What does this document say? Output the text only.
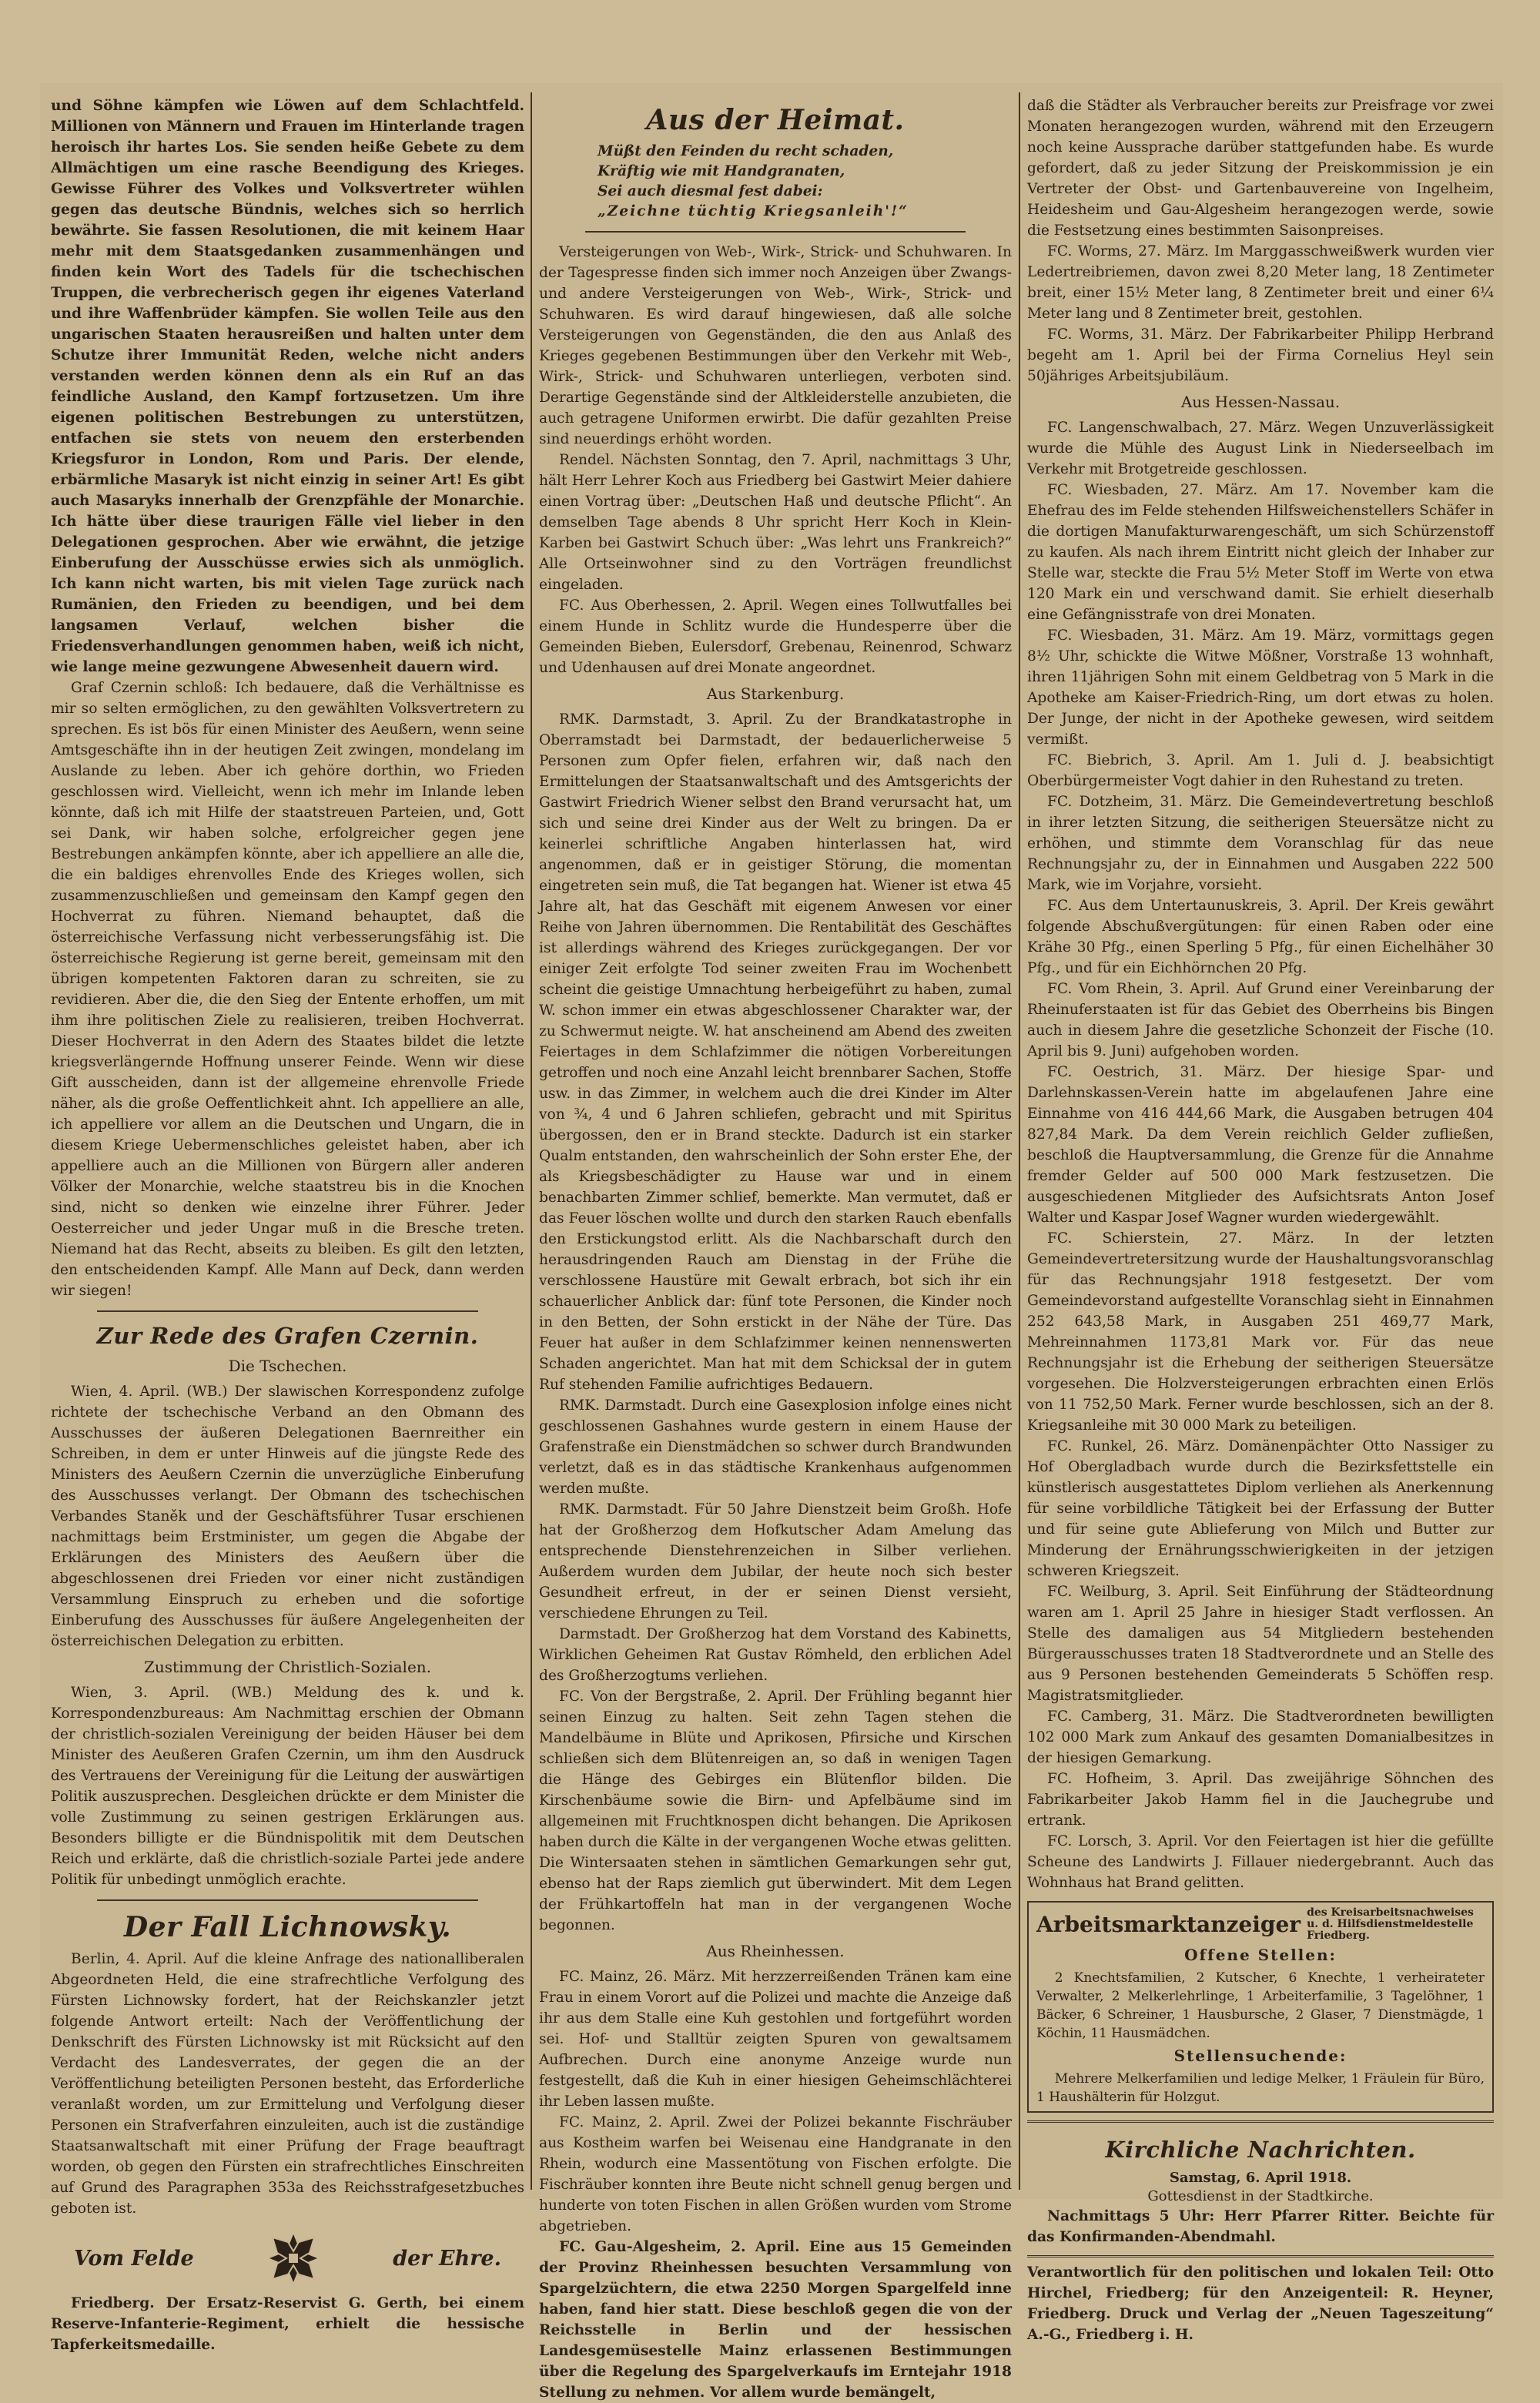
und Söhne kämpfen wie Löwen auf dem Schlachtfeld. Millionen von Männern und Frauen im Hinterlande tragen heroisch ihr hartes Los. Sie senden heiße Gebete zu dem Allmächtigen um eine rasche Beendigung des Krieges. Gewisse Führer des Volkes und Volksvertreter wühlen gegen das deutsche Bündnis, welches sich so herrlich bewährte. Sie fassen Resolutionen, die mit keinem Haar mehr mit dem Staatsgedanken zusammenhängen und finden kein Wort des Tadels für die tschechischen Truppen, die verbrecherisch gegen ihr eigenes Vaterland und ihre Waffenbrüder kämpfen. Sie wollen Teile aus den ungarischen Staaten herausreißen und halten unter dem Schutze ihrer Immunität Reden, welche nicht anders verstanden werden können denn als ein Ruf an das feindliche Ausland, den Kampf fortzusetzen. Um ihre eigenen politischen Bestrebungen zu unterstützen, entfachen sie stets von neuem den ersterbenden Kriegsfuror in London, Rom und Paris. Der elende, erbärmliche Masaryk ist nicht einzig in seiner Art! Es gibt auch Masaryks innerhalb der Grenzpfähle der Monarchie. Ich hätte über diese traurigen Fälle viel lieber in den Delegationen gesprochen. Aber wie erwähnt, die jetzige Einberufung der Ausschüsse erwies sich als unmöglich. Ich kann nicht warten, bis mit vielen Tage zurück nach Rumänien, den Frieden zu beendigen, und bei dem langsamen Verlauf, welchen bisher die Friedensverhandlungen genommen haben, weiß ich nicht, wie lange meine gezwungene Abwesenheit dauern wird.

Graf Czernin schloß: Ich bedauere, daß die Verhältnisse es mir so selten ermöglichen, zu den gewählten Volksvertretern zu sprechen. Es ist bös für einen Minister des Aeußern, wenn seine Amtsgeschäfte ihn in der heutigen Zeit zwingen, mondelang im Auslande zu leben. Aber ich gehöre dorthin, wo Frieden geschlossen wird. Vielleicht, wenn ich mehr im Inlande leben könnte, daß ich mit Hilfe der staatstreuen Parteien, und, Gott sei Dank, wir haben solche, erfolgreicher gegen jene Bestrebungen ankämpfen könnte, aber ich appelliere an alle die, die ein baldiges ehrenvolles Ende des Krieges wollen, sich zusammenzuschließen und gemeinsam den Kampf gegen den Hochverrat zu führen. Niemand behauptet, daß die österreichische Verfassung nicht verbesserungsfähig ist. Die österreichische Regierung ist gerne bereit, gemeinsam mit den übrigen kompetenten Faktoren daran zu schreiten, sie zu revidieren. Aber die, die den Sieg der Entente erhoffen, um mit ihm ihre politischen Ziele zu realisieren, treiben Hochverrat. Dieser Hochverrat in den Adern des Staates bildet die letzte kriegsverlängernde Hoffnung unserer Feinde. Wenn wir diese Gift ausscheiden, dann ist der allgemeine ehrenvolle Friede näher, als die große Oeffentlichkeit ahnt. Ich appelliere an alle, ich appelliere vor allem an die Deutschen und Ungarn, die in diesem Kriege Uebermenschliches geleistet haben, aber ich appelliere auch an die Millionen von Bürgern aller anderen Völker der Monarchie, welche staatstreu bis in die Knochen sind, nicht so denken wie einzelne ihrer Führer. Jeder Oesterreicher und jeder Ungar muß in die Bresche treten. Niemand hat das Recht, abseits zu bleiben. Es gilt den letzten, den entscheidenden Kampf. Alle Mann auf Deck, dann werden wir siegen!

Zur Rede des Grafen Czernin.
Die Tschechen.

Wien, 4. April. (WB.) Der slawischen Korrespondenz zufolge richtete der tschechische Verband an den Obmann des Ausschusses der äußeren Delegationen Baernreither ein Schreiben, in dem er unter Hinweis auf die jüngste Rede des Ministers des Aeußern Czernin die unverzügliche Einberufung des Ausschusses verlangt. Der Obmann des tschechischen Verbandes Staněk und der Geschäftsführer Tusar erschienen nachmittags beim Erstminister, um gegen die Abgabe der Erklärungen des Ministers des Aeußern über die abgeschlossenen drei Frieden vor einer nicht zuständigen Versammlung Einspruch zu erheben und die sofortige Einberufung des Ausschusses für äußere Angelegenheiten der österreichischen Delegation zu erbitten.

Zustimmung der Christlich-Sozialen.

Wien, 3. April. (WB.) Meldung des k. und k. Korrespondenzbureaus: Am Nachmittag erschien der Obmann der christlich-sozialen Vereinigung der beiden Häuser bei dem Minister des Aeußeren Grafen Czernin, um ihm den Ausdruck des Vertrauens der Vereinigung für die Leitung der auswärtigen Politik auszusprechen. Desgleichen drückte er dem Minister die volle Zustimmung zu seinen gestrigen Erklärungen aus. Besonders billigte er die Bündnispolitik mit dem Deutschen Reich und erklärte, daß die christlich-soziale Partei jede andere Politik für unbedingt unmöglich erachte.

Der Fall Lichnowsky.

Berlin, 4. April. Auf die kleine Anfrage des nationalliberalen Abgeordneten Held, die eine strafrechtliche Verfolgung des Fürsten Lichnowsky fordert, hat der Reichskanzler jetzt folgende Antwort erteilt: Nach der Veröffentlichung der Denkschrift des Fürsten Lichnowsky ist mit Rücksicht auf den Verdacht des Landesverrates, der gegen die an der Veröffentlichung beteiligten Personen besteht, das Erforderliche veranlaßt worden, um zur Ermittelung und Verfolgung dieser Personen ein Strafverfahren einzuleiten, auch ist die zuständige Staatsanwaltschaft mit einer Prüfung der Frage beauftragt worden, ob gegen den Fürsten ein strafrechtliches Einschreiten auf Grund des Paragraphen 353a des Reichsstrafgesetzbuches geboten ist.

Vom Felde	der Ehre.

Friedberg. Der Ersatz-Reservist G. Gerth, bei einem Reserve-Infanterie-Regiment, erhielt die hessische Tapferkeitsmedaille.

Aus der Heimat.
Müßt den Feinden du recht schaden,
Kräftig wie mit Handgranaten,
Sei auch diesmal fest dabei:
„Zeichne tüchtig Kriegsanleih'!“

Versteigerungen von Web-, Wirk-, Strick- und Schuhwaren. In der Tagespresse finden sich immer noch Anzeigen über Zwangs- und andere Versteigerungen von Web-, Wirk-, Strick- und Schuhwaren. Es wird darauf hingewiesen, daß alle solche Versteigerungen von Gegenständen, die den aus Anlaß des Krieges gegebenen Bestimmungen über den Verkehr mit Web-, Wirk-, Strick- und Schuhwaren unterliegen, verboten sind. Derartige Gegenstände sind der Altkleiderstelle anzubieten, die auch getragene Uniformen erwirbt. Die dafür gezahlten Preise sind neuerdings erhöht worden.

Rendel. Nächsten Sonntag, den 7. April, nachmittags 3 Uhr, hält Herr Lehrer Koch aus Friedberg bei Gastwirt Meier dahiere einen Vortrag über: „Deutschen Haß und deutsche Pflicht“. An demselben Tage abends 8 Uhr spricht Herr Koch in Klein-Karben bei Gastwirt Schuch über: „Was lehrt uns Frankreich?“ Alle Ortseinwohner sind zu den Vorträgen freundlichst eingeladen.

FC. Aus Oberhessen, 2. April. Wegen eines Tollwutfalles bei einem Hunde in Schlitz wurde die Hundesperre über die Gemeinden Bieben, Eulersdorf, Grebenau, Reinenrod, Schwarz und Udenhausen auf drei Monate angeordnet.

Aus Starkenburg.

RMK. Darmstadt, 3. April. Zu der Brandkatastrophe in Oberramstadt bei Darmstadt, der bedauerlicherweise 5 Personen zum Opfer fielen, erfahren wir, daß nach den Ermittelungen der Staatsanwaltschaft und des Amtsgerichts der Gastwirt Friedrich Wiener selbst den Brand verursacht hat, um sich und seine drei Kinder aus der Welt zu bringen. Da er keinerlei schriftliche Angaben hinterlassen hat, wird angenommen, daß er in geistiger Störung, die momentan eingetreten sein muß, die Tat begangen hat. Wiener ist etwa 45 Jahre alt, hat das Geschäft mit eigenem Anwesen vor einer Reihe von Jahren übernommen. Die Rentabilität des Geschäftes ist allerdings während des Krieges zurückgegangen. Der vor einiger Zeit erfolgte Tod seiner zweiten Frau im Wochenbett scheint die geistige Umnachtung herbeigeführt zu haben, zumal W. schon immer ein etwas abgeschlossener Charakter war, der zu Schwermut neigte. W. hat anscheinend am Abend des zweiten Feiertages in dem Schlafzimmer die nötigen Vorbereitungen getroffen und noch eine Anzahl leicht brennbarer Sachen, Stoffe usw. in das Zimmer, in welchem auch die drei Kinder im Alter von ¾, 4 und 6 Jahren schliefen, gebracht und mit Spiritus übergossen, den er in Brand steckte. Dadurch ist ein starker Qualm entstanden, den wahrscheinlich der Sohn erster Ehe, der als Kriegsbeschädigter zu Hause war und in einem benachbarten Zimmer schlief, bemerkte. Man vermutet, daß er das Feuer löschen wollte und durch den starken Rauch ebenfalls den Erstickungstod erlitt. Als die Nachbarschaft durch den herausdringenden Rauch am Dienstag in der Frühe die verschlossene Haustüre mit Gewalt erbrach, bot sich ihr ein schauerlicher Anblick dar: fünf tote Personen, die Kinder noch in den Betten, der Sohn erstickt in der Nähe der Türe. Das Feuer hat außer in dem Schlafzimmer keinen nennenswerten Schaden angerichtet. Man hat mit dem Schicksal der in gutem Ruf stehenden Familie aufrichtiges Bedauern.

RMK. Darmstadt. Durch eine Gasexplosion infolge eines nicht geschlossenen Gashahnes wurde gestern in einem Hause der Grafenstraße ein Dienstmädchen so schwer durch Brandwunden verletzt, daß es in das städtische Krankenhaus aufgenommen werden mußte.

RMK. Darmstadt. Für 50 Jahre Dienstzeit beim Großh. Hofe hat der Großherzog dem Hofkutscher Adam Amelung das entsprechende Dienstehrenzeichen in Silber verliehen. Außerdem wurden dem Jubilar, der heute noch sich bester Gesundheit erfreut, in der er seinen Dienst versieht, verschiedene Ehrungen zu Teil.

Darmstadt. Der Großherzog hat dem Vorstand des Kabinetts, Wirklichen Geheimen Rat Gustav Römheld, den erblichen Adel des Großherzogtums verliehen.

FC. Von der Bergstraße, 2. April. Der Frühling begannt hier seinen Einzug zu halten. Seit zehn Tagen stehen die Mandelbäume in Blüte und Aprikosen, Pfirsiche und Kirschen schließen sich dem Blütenreigen an, so daß in wenigen Tagen die Hänge des Gebirges ein Blütenflor bilden. Die Kirschenbäume sowie die Birn- und Apfelbäume sind im allgemeinen mit Fruchtknospen dicht behangen. Die Aprikosen haben durch die Kälte in der vergangenen Woche etwas gelitten. Die Wintersaaten stehen in sämtlichen Gemarkungen sehr gut, ebenso hat der Raps ziemlich gut überwindert. Mit dem Legen der Frühkartoffeln hat man in der vergangenen Woche begonnen.

Aus Rheinhessen.

FC. Mainz, 26. März. Mit herzzerreißenden Tränen kam eine Frau in einem Vorort auf die Polizei und machte die Anzeige daß ihr aus dem Stalle eine Kuh gestohlen und fortgeführt worden sei. Hof- und Stalltür zeigten Spuren von gewaltsamem Aufbrechen. Durch eine anonyme Anzeige wurde nun festgestellt, daß die Kuh in einer hiesigen Geheimschlächterei ihr Leben lassen mußte.

FC. Mainz, 2. April. Zwei der Polizei bekannte Fischräuber aus Kostheim warfen bei Weisenau eine Handgranate in den Rhein, wodurch eine Massentötung von Fischen erfolgte. Die Fischräuber konnten ihre Beute nicht schnell genug bergen und hunderte von toten Fischen in allen Größen wurden vom Strome abgetrieben.

FC. Gau-Algesheim, 2. April. Eine aus 15 Gemeinden der Provinz Rheinhessen besuchten Versammlung von Spargelzüchtern, die etwa 2250 Morgen Spargelfeld inne haben, fand hier statt. Diese beschloß gegen die von der Reichsstelle in Berlin und der hessischen Landesgemüsestelle Mainz erlassenen Bestimmungen über die Regelung des Spargelverkaufs im Erntejahr 1918 Stellung zu nehmen. Vor allem wurde bemängelt,

daß die Städter als Verbraucher bereits zur Preisfrage vor zwei Monaten herangezogen wurden, während mit den Erzeugern noch keine Aussprache darüber stattgefunden habe. Es wurde gefordert, daß zu jeder Sitzung der Preiskommission je ein Vertreter der Obst- und Gartenbauvereine von Ingelheim, Heidesheim und Gau-Algesheim herangezogen werde, sowie die Festsetzung eines bestimmten Saisonpreises.

FC. Worms, 27. März. Im Marggasschweißwerk wurden vier Ledertreibriemen, davon zwei 8,20 Meter lang, 18 Zentimeter breit, einer 15½ Meter lang, 8 Zentimeter breit und einer 6¼ Meter lang und 8 Zentimeter breit, gestohlen.

FC. Worms, 31. März. Der Fabrikarbeiter Philipp Herbrand begeht am 1. April bei der Firma Cornelius Heyl sein 50jähriges Arbeitsjubiläum.

Aus Hessen-Nassau.

FC. Langenschwalbach, 27. März. Wegen Unzuverlässigkeit wurde die Mühle des August Link in Niederseelbach im Verkehr mit Brotgetreide geschlossen.

FC. Wiesbaden, 27. März. Am 17. November kam die Ehefrau des im Felde stehenden Hilfsweichenstellers Schäfer in die dortigen Manufakturwarengeschäft, um sich Schürzenstoff zu kaufen. Als nach ihrem Eintritt nicht gleich der Inhaber zur Stelle war, steckte die Frau 5½ Meter Stoff im Werte von etwa 120 Mark ein und verschwand damit. Sie erhielt dieserhalb eine Gefängnisstrafe von drei Monaten.

FC. Wiesbaden, 31. März. Am 19. März, vormittags gegen 8½ Uhr, schickte die Witwe Mößner, Vorstraße 13 wohnhaft, ihren 11jährigen Sohn mit einem Geldbetrag von 5 Mark in die Apotheke am Kaiser-Friedrich-Ring, um dort etwas zu holen. Der Junge, der nicht in der Apotheke gewesen, wird seitdem vermißt.

FC. Biebrich, 3. April. Am 1. Juli d. J. beabsichtigt Oberbürgermeister Vogt dahier in den Ruhestand zu treten.

FC. Dotzheim, 31. März. Die Gemeindevertretung beschloß in ihrer letzten Sitzung, die seitherigen Steuersätze nicht zu erhöhen, und stimmte dem Voranschlag für das neue Rechnungsjahr zu, der in Einnahmen und Ausgaben 222 500 Mark, wie im Vorjahre, vorsieht.

FC. Aus dem Untertaunuskreis, 3. April. Der Kreis gewährt folgende Abschußvergütungen: für einen Raben oder eine Krähe 30 Pfg., einen Sperling 5 Pfg., für einen Eichelhäher 30 Pfg., und für ein Eichhörnchen 20 Pfg.

FC. Vom Rhein, 3. April. Auf Grund einer Vereinbarung der Rheinuferstaaten ist für das Gebiet des Oberrheins bis Bingen auch in diesem Jahre die gesetzliche Schonzeit der Fische (10. April bis 9. Juni) aufgehoben worden.

FC. Oestrich, 31. März. Der hiesige Spar- und Darlehnskassen-Verein hatte im abgelaufenen Jahre eine Einnahme von 416 444,66 Mark, die Ausgaben betrugen 404 827,84 Mark. Da dem Verein reichlich Gelder zufließen, beschloß die Hauptversammlung, die Grenze für die Annahme fremder Gelder auf 500 000 Mark festzusetzen. Die ausgeschiedenen Mitglieder des Aufsichtsrats Anton Josef Walter und Kaspar Josef Wagner wurden wiedergewählt.

FC. Schierstein, 27. März. In der letzten Gemeindevertretersitzung wurde der Haushaltungsvoranschlag für das Rechnungsjahr 1918 festgesetzt. Der vom Gemeindevorstand aufgestellte Voranschlag sieht in Einnahmen 252 643,58 Mark, in Ausgaben 251 469,77 Mark, Mehreinnahmen 1173,81 Mark vor. Für das neue Rechnungsjahr ist die Erhebung der seitherigen Steuersätze vorgesehen. Die Holzversteigerungen erbrachten einen Erlös von 11 752,50 Mark. Ferner wurde beschlossen, sich an der 8. Kriegsanleihe mit 30 000 Mark zu beteiligen.

FC. Runkel, 26. März. Domänenpächter Otto Nassiger zu Hof Obergladbach wurde durch die Bezirksfettstelle ein künstlerisch ausgestattetes Diplom verliehen als Anerkennung für seine vorbildliche Tätigkeit bei der Erfassung der Butter und für seine gute Ablieferung von Milch und Butter zur Minderung der Ernährungsschwierigkeiten in der jetzigen schweren Kriegszeit.

FC. Weilburg, 3. April. Seit Einführung der Städteordnung waren am 1. April 25 Jahre in hiesiger Stadt verflossen. An Stelle des damaligen aus 54 Mitgliedern bestehenden Bürgerausschusses traten 18 Stadtverordnete und an Stelle des aus 9 Personen bestehenden Gemeinderats 5 Schöffen resp. Magistratsmitglieder.

FC. Camberg, 31. März. Die Stadtverordneten bewilligten 102 000 Mark zum Ankauf des gesamten Domanialbesitzes in der hiesigen Gemarkung.

FC. Hofheim, 3. April. Das zweijährige Söhnchen des Fabrikarbeiter Jakob Hamm fiel in die Jauchegrube und ertrank.

FC. Lorsch, 3. April. Vor den Feiertagen ist hier die gefüllte Scheune des Landwirts J. Fillauer niedergebrannt. Auch das Wohnhaus hat Brand gelitten.

Arbeitsmarktanzeiger des Kreisarbeitsnachweises u. d. Hilfsdienstmeldestelle Friedberg.
Offene Stellen:

2 Knechtsfamilien, 2 Kutscher, 6 Knechte, 1 verheirateter Verwalter, 2 Melkerlehrlinge, 1 Arbeiterfamilie, 3 Tagelöhner, 1 Bäcker, 6 Schreiner, 1 Hausbursche, 2 Glaser, 7 Dienstmägde, 1 Köchin, 11 Hausmädchen.

Stellensuchende:

Mehrere Melkerfamilien und ledige Melker, 1 Fräulein für Büro, 1 Haushälterin für Holzgut.

Kirchliche Nachrichten.
Samstag, 6. April 1918.
Gottesdienst in der Stadtkirche.

Nachmittags 5 Uhr: Herr Pfarrer Ritter. Beichte für das Konfirmanden-Abendmahl.

Verantwortlich für den politischen und lokalen Teil: Otto Hirchel, Friedberg; für den Anzeigenteil: R. Heyner, Friedberg. Druck und Verlag der „Neuen Tageszeitung“ A.-G., Friedberg i. H.
